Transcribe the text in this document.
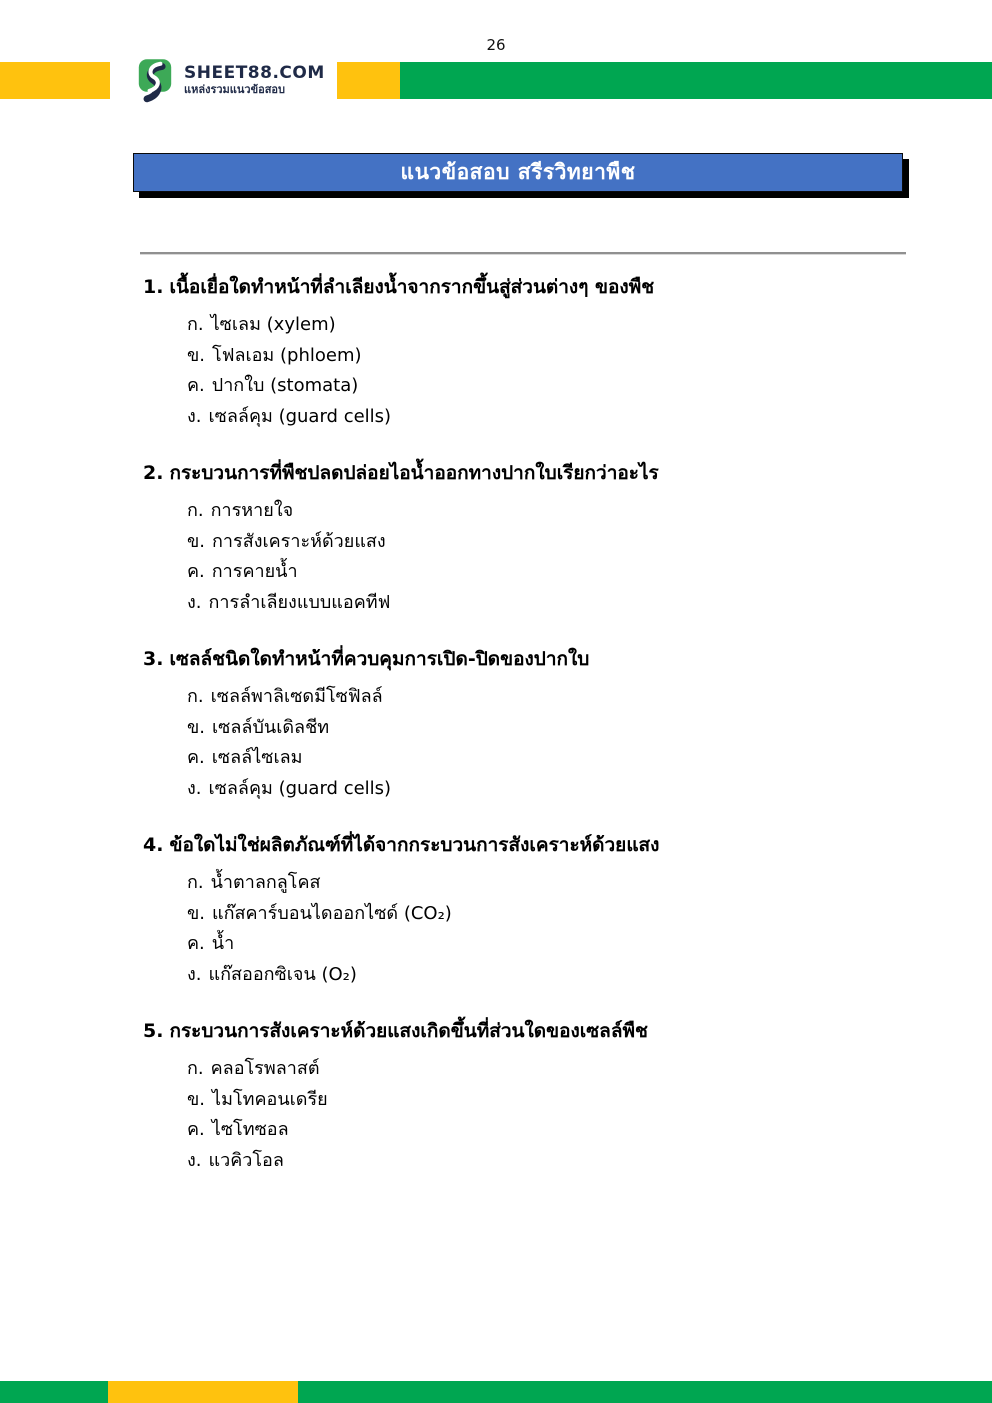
26
SHEET88.COM
แหล่งรวมแนวข้อสอบ
แนวข้อสอบ สรีรวิทยาพืช
1. เนื้อเยื่อใดทำหน้าที่ลำเลียงน้ำจากรากขึ้นสู่ส่วนต่างๆ ของพืช
ก. ไซเลม (xylem)
ข. โฟลเอม (phloem)
ค. ปากใบ (stomata)
ง. เซลล์คุม (guard cells)
2. กระบวนการที่พืชปลดปล่อยไอน้ำออกทางปากใบเรียกว่าอะไร
ก. การหายใจ
ข. การสังเคราะห์ด้วยแสง
ค. การคายน้ำ
ง. การลำเลียงแบบแอคทีฟ
3. เซลล์ชนิดใดทำหน้าที่ควบคุมการเปิด-ปิดของปากใบ
ก. เซลล์พาลิเซดมีโซฟิลล์
ข. เซลล์บันเดิลชีท
ค. เซลล์ไซเลม
ง. เซลล์คุม (guard cells)
4. ข้อใดไม่ใช่ผลิตภัณฑ์ที่ได้จากกระบวนการสังเคราะห์ด้วยแสง
ก. น้ำตาลกลูโคส
ข. แก๊สคาร์บอนไดออกไซด์ (CO₂)
ค. น้ำ
ง. แก๊สออกซิเจน (O₂)
5. กระบวนการสังเคราะห์ด้วยแสงเกิดขึ้นที่ส่วนใดของเซลล์พืช
ก. คลอโรพลาสต์
ข. ไมโทคอนเดรีย
ค. ไซโทซอล
ง. แวคิวโอล
